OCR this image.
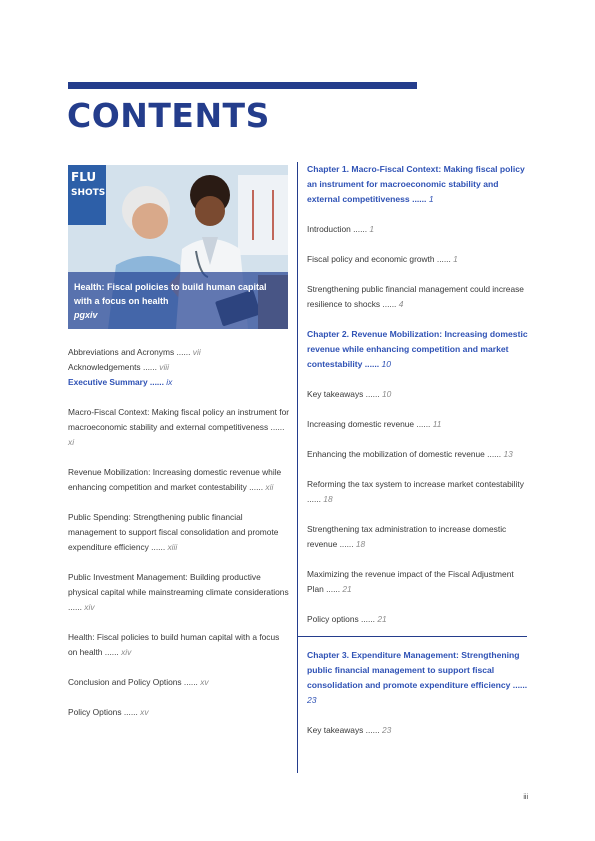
CONTENTS
FLU
SHOTS
Health: Fiscal policies to build human capital with a focus on health
pgxiv
Abbreviations and Acronyms ...... vii
Acknowledgements ...... viii
Executive Summary ...... ix
Macro-Fiscal Context: Making fiscal policy an instrument for macroeconomic stability and external competitiveness ...... xi
Revenue Mobilization: Increasing domestic revenue while enhancing competition and market contestability ...... xii
Public Spending: Strengthening public financial management to support fiscal consolidation and promote expenditure efficiency ...... xiii
Public Investment Management: Building productive physical capital while mainstreaming climate considerations ...... xiv
Health: Fiscal policies to build human capital with a focus on health ...... xiv
Conclusion and Policy Options ...... xv
Policy Options ...... xv
Chapter 1. Macro-Fiscal Context: Making fiscal policy an instrument for macroeconomic stability and external competitiveness ...... 1
Introduction ...... 1
Fiscal policy and economic growth ...... 1
Strengthening public financial management could increase resilience to shocks ...... 4
Chapter 2. Revenue Mobilization: Increasing domestic revenue while enhancing competition and market contestability ...... 10
Key takeaways ...... 10
Increasing domestic revenue ...... 11
Enhancing the mobilization of domestic revenue ...... 13
Reforming the tax system to increase market contestability ...... 18
Strengthening tax administration to increase domestic revenue ...... 18
Maximizing the revenue impact of the Fiscal Adjustment Plan ...... 21
Policy options ...... 21
Chapter 3. Expenditure Management: Strengthening public financial management to support fiscal consolidation and promote expenditure efficiency ...... 23
Key takeaways ...... 23
iii
